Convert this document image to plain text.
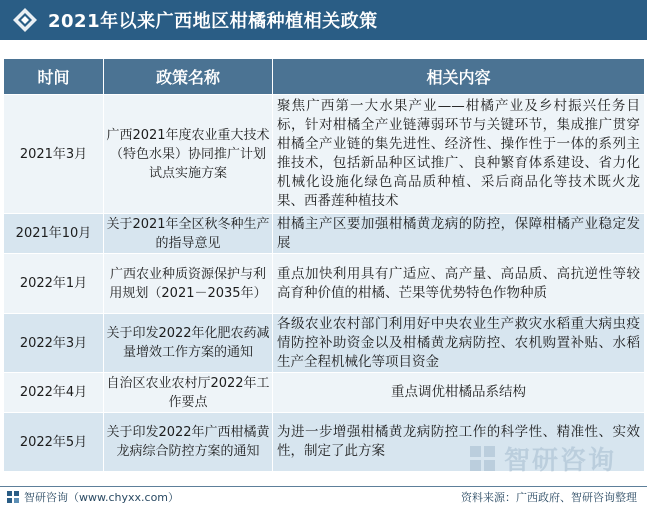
2021年以来广西地区柑橘种植相关政策
时间	政策名称	相关内容
2021年3月	广西2021年度农业重大技术（特色水果）协同推广计划试点实施方案	聚焦广西第一大水果产业——柑橘产业及乡村振兴任务目标，针对柑橘全产业链薄弱环节与关键环节，集成推广贯穿柑橘全产业链的集先进性、经济性、操作性于一体的系列主推技术，包括新品种区试推广、良种繁育体系建设、省力化机械化设施化绿色高品质种植、采后商品化等技术既火龙果、西番莲种植技术
2021年10月	关于2021年全区秋冬种生产的指导意见	柑橘主产区要加强柑橘黄龙病的防控，保障柑橘产业稳定发展
2022年1月	广西农业种质资源保护与利用规划（2021－2035年）	重点加快利用具有广适应、高产量、高品质、高抗逆性等较高育种价值的柑橘、芒果等优势特色作物种质
2022年3月	关于印发2022年化肥农药减量增效工作方案的通知	各级农业农村部门利用好中央农业生产救灾水稻重大病虫疫情防控补助资金以及柑橘黄龙病防控、农机购置补贴、水稻生产全程机械化等项目资金
2022年4月	自治区农业农村厅2022年工作要点	重点调优柑橘品系结构
2022年5月	关于印发2022年广西柑橘黄龙病综合防控方案的通知	为进一步增强柑橘黄龙病防控工作的科学性、精准性、实效性，制定了此方案	智研咨询
智研咨询（www.chyxx.com）	资料来源：广西政府、智研咨询整理
